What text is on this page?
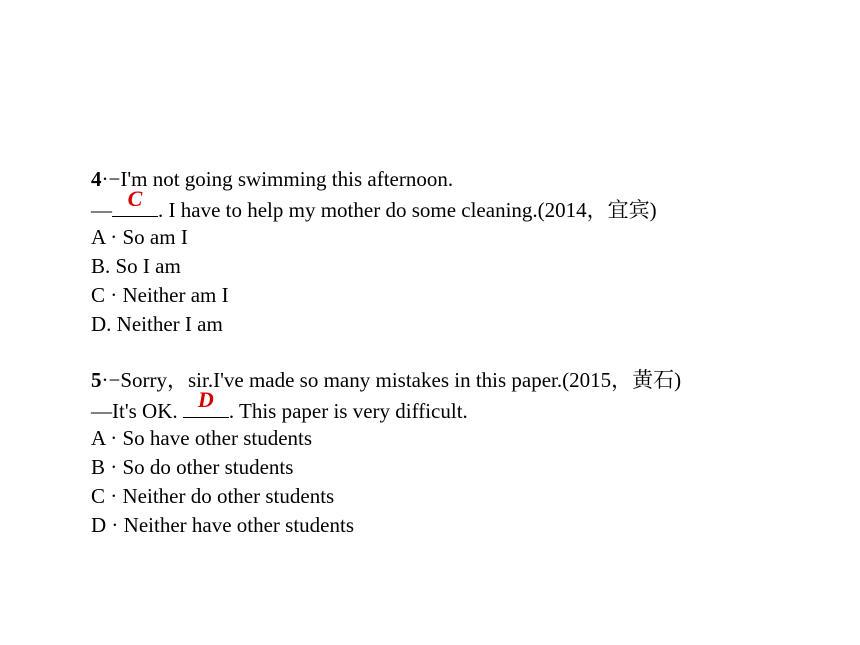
4·−I'm not going swimming this afternoon.
— C . I have to help my mother do some cleaning.(2014，宜宾)
A · So am I
B. So I am
C · Neither am I
D. Neither I am
5·−Sorry，sir.I've made so many mistakes in this paper.(2015，黄石)
—It's OK. D . This paper is very difficult.
A · So have other students
B · So do other students
C · Neither do other students
D · Neither have other students
